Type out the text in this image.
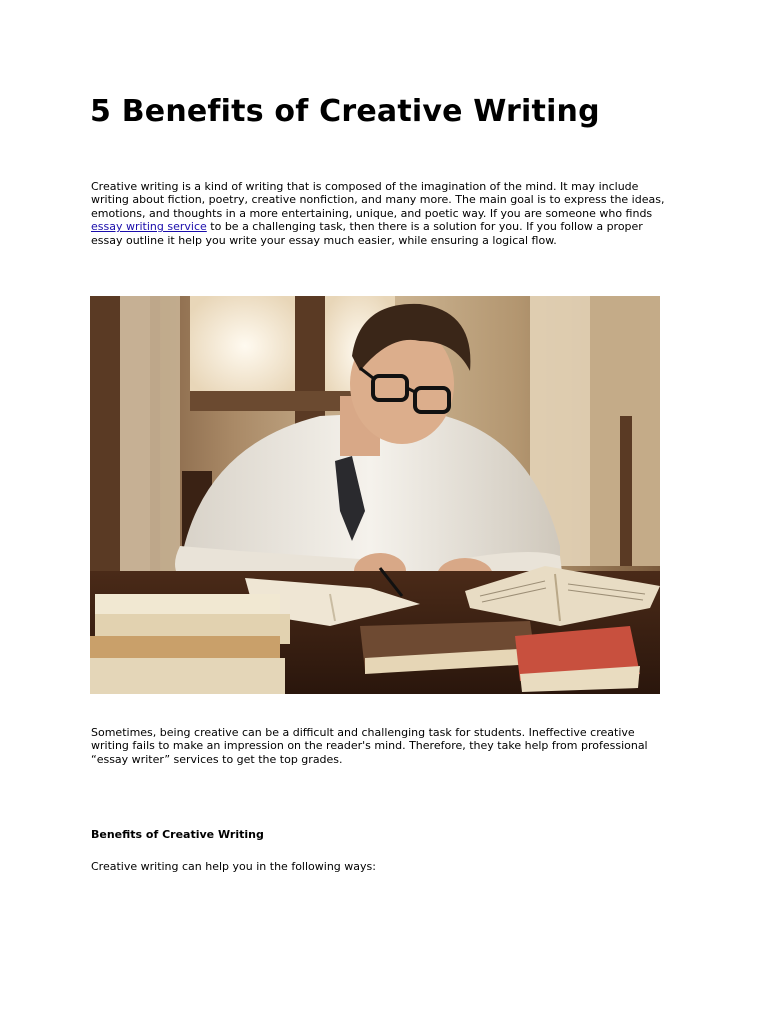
5 Benefits of Creative Writing

Creative writing is a kind of writing that is composed of the imagination of the mind. It may include writing about fiction, poetry, creative nonfiction, and many more. The main goal is to express the ideas, emotions, and thoughts in a more entertaining, unique, and poetic way. If you are someone who finds essay writing service to be a challenging task, then there is a solution for you. If you follow a proper essay outline it help you write your essay much easier, while ensuring a logical flow.

Sometimes, being creative can be a difficult and challenging task for students. Ineffective creative writing fails to make an impression on the reader's mind. Therefore, they take help from professional “essay writer” services to get the top grades.

Benefits of Creative Writing

Creative writing can help you in the following ways:
